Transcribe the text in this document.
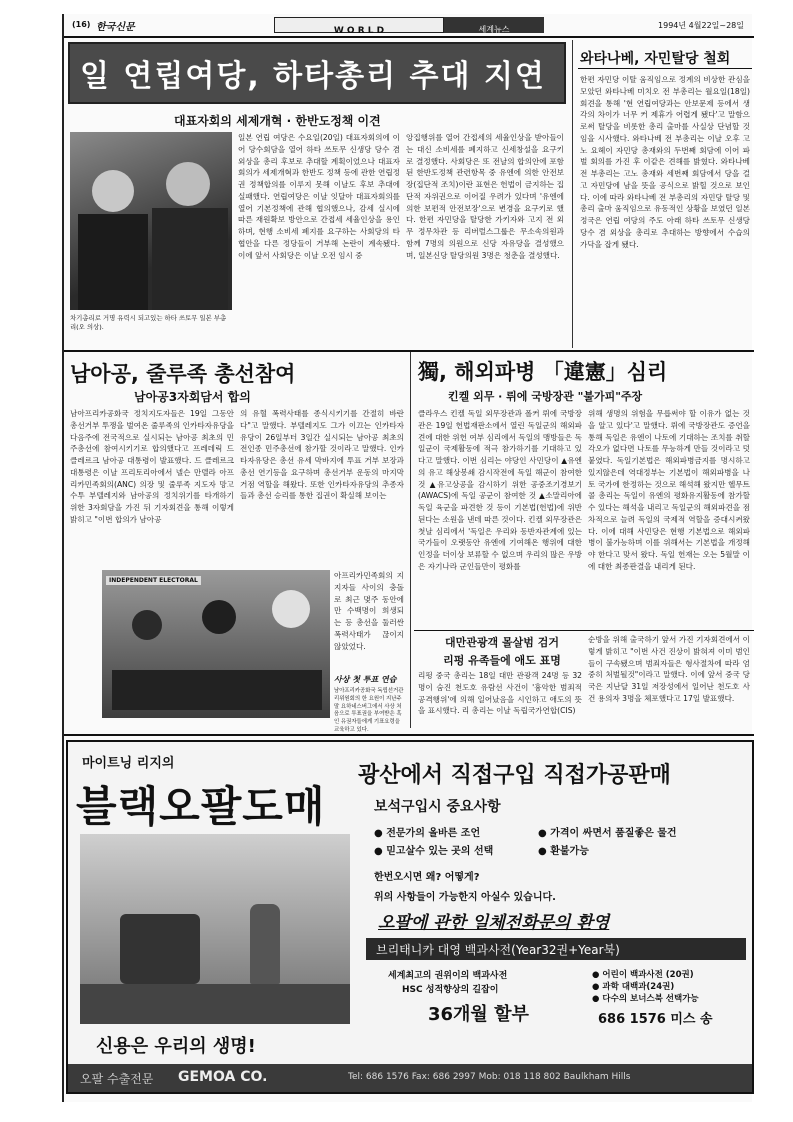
(16) 한국신문	W O R L D	세계뉴스	1994년 4월22일~28일
일 연립여당, 하타총리 추대 지연
대표자회의 세제개혁 · 한반도정책 이견
차기총리로 거명 유력시 되고있는 하타 쓰토무 일본 부총리(오 의상).
일본 연립 여당은 수요일(20일) 대표자회의에 이어 당수회담을 열어 하타 쓰토무 신생당 당수 겸 외상을 총리 후보로 추대할 계획이었으나 대표자 회의가 세제개혁과 한반도 정책 등에 관한 연립정권 정책합의를 이루지 못해 이날도 후보 추대에 실패했다. 연립여당은 이날 잇달아 대표자회의를 열어 기본정책에 관해 협의했으나, 감세 실시에 따른 재원확보 방안으로 간접세 세율인상을 용인하며, 현행 소비세 폐지를 요구하는 사회당의 타협안을 다른 정당들이 거부해 논란이 계속됐다. 이에 앞서 사회당은 이날 오전 임시 중
앙집행위를 열어 간접세의 세율인상을 받아들이는 대신 소비세를 폐지하고 신세창설을 요구키로 결정했다. 사회당은 또 전날의 합의안에 포함된 한반도정책 관련항목 중 유엔에 의한 안전보장(집단적 조치)이란 표현은 헌법이 금지하는 집단적 자위권으로 이어질 우려가 있다며 '유엔에 의한 보편적 안전보장'으로 변경을 요구키로 했다. 한편 자민당을 탈당한 가키자와 고지 전 외무 정무차관 등 리버럴스그룹은 무소속의원과 함께 7명의 의원으로 신당 자유당을 결성했으며, 일본신당 탈당의원 3명은 청춘을 결성했다.
와타나베, 자민탈당 철회
한편 자민당 이탈 움직임으로 정계의 비상한 관심을 모았던 와타나베 미치오 전 부총리는 월요일(18일) 회견을 통해 '현 연립여당과는 안보문제 등에서 생각의 차이가 너무 커 제휴가 어렵게 됐다'고 말함으로써 탈당을 비롯한 총리 출마를 사실상 단념할 것임을 시사했다. 와타나베 전 부총리는 이날 오후 고노 요헤이 자민당 총재와의 두번째 회담에 이어 파벌 회의를 가진 후 이같은 견해를 밝혔다. 와타나베 전 부총리는 고노 총재와 세번째 회담에서 당을 걸고 자민당에 남을 뜻을 공식으로 밝힐 것으로 보인다. 이에 따라 와타나베 전 부총리의 자민당 탈당 및 총리 출마 움직임으로 유동적인 상황을 보였던 일본 정국은 연립 여당의 주도 아래 하타 쓰토무 신생당당수 겸 외상을 총리로 추대하는 방향에서 수습의 가닥을 잡게 됐다.
남아공, 줄루족 총선참여
남아공3자회담서 합의
남아프리카공화국 정치지도자들은 19일 그동안 총선거부 투쟁을 벌여온 줄루족의 인카타자유당을 다음주에 전국적으로 실시되는 남아공 최초의 민주총선에 참여시키기로 합의했다고 프레데릭 드 클레르크 남아공 대통령이 발표했다. 드 클레르크 대통령은 이날 프리토리아에서 넬슨 만델라 아프리카민족회의(ANC) 의장 및 줄루족 지도자 망고수투 부텔레지와 남아공의 정치위기를 타개하기 위한 3자회담을 가진 뒤 기자회견을 통해 이렇게 밝히고 "이번 합의가 남아공
의 유혈 폭력사태를 종식시키기를 간절히 바란다"고 말했다. 부텔레지도 그가 이끄는 인카타자유당이 26일부터 3일간 실시되는 남아공 최초의 전인종 민주총선에 참가할 것이라고 말했다. 인카타자유당은 총선 유세 막바지에 투표 거부 보장과 총선 연기등을 요구하며 총선거부 운동의 마지막 거점 역할을 해왔다. 또한 인카타자유당의 추종자들과 총선 승리를 통한 집권이 확실해 보이는
INDEPENDENT ELECTORAL
아프리카민족회의 지지자들 사이의 충돌로 최근 몇주 동안에만 수백명이 희생되는 등 총선을 둘러싼 폭력사태가 끊이지 않았었다.
사상 첫 투표 연습
남아프리카공화국 독립선거관리위원회의 한 요원이 지난주말 요하네스버그에서 사상 처음으로 투표권을 부여받은 흑인 유권자들에게 기표요령을 교육하고 있다.
獨, 해외파병 「違憲」심리
킨켈 외무 · 뤼에 국방장관 "불가피"주장
클라우스 킨켈 독일 외무장관과 폴커 뤼에 국방장관은 19일 헌법재판소에서 열린 독일군의 해외파견에 대한 위헌 여부 심리에서 독일의 맹방들은 독일군이 국제활동에 적극 참가하기를 기대하고 있다고 말했다. 이번 심리는 야당인 사민당이 ▲유엔의 유고 해상봉쇄 감시작전에 독일 해군이 참여한 것 ▲유고상공을 감시하기 위한 공중조기경보기(AWACS)에 독일 공군이 참여한 것 ▲소말리아에 독일 육군을 파견한 것 등이 기본법(헌법)에 위반된다는 소원을 낸데 따른 것이다. 킨켈 외무장관은 첫날 심리에서 '독일은 우리와 동반자관계에 있는 국가들이 오랫동안 유엔에 기여해온 행위에 대한 인정을 더이상 보류할 수 없으며 우리의 많은 우방은 자기나라 군인들만이 평화를
위해 생명의 위험을 무릅써야 할 이유가 없는 것을 알고 있다'고 말했다. 뤼에 국방장관도 증언을 통해 독일은 유엔이 나토에 기대하는 조치를 취할 각오가 없다면 나토를 무능하게 만들 것이라고 덧붙였다. 독일기본법은 해외파병금지를 명시하고 있지않은데 역대정부는 기본법이 해외파병을 나토 국가에 한정하는 것으로 해석해 왔지만 헬무트 콜 총리는 독일이 유엔의 평화유지활동에 참가할 수 있다는 해석을 내리고 독일군의 해외파견을 점차적으로 늘려 독일의 국제적 역할을 증대시켜왔다. 이에 대해 사민당은 현행 기본법으로 해외파병이 불가능하며 이를 위해서는 기본법을 개정해야 한다고 맞서 왔다. 독일 헌재는 오는 5월말 이에 대한 최종판결을 내리게 된다.
대만관광객 몰살범 검거
리펑 유족들에 애도 표명
리펑 중국 총리는 18일 대만 관광객 24명 등 32명이 숨진 천도호 유람선 사건이 '흉악한 범죄적 공격행위'에 의해 일어났음을 시인하고 애도의 뜻을 표시했다. 리 총리는 이날 독립국가연합(CIS)
순방을 위해 출국하기 앞서 가진 기자회견에서 이렇게 밝히고 "이번 사건 진상이 밝혀져 이미 범인들이 구속됐으며 범죄자들은 형사절차에 따라 엄중히 처벌될것"이라고 말했다. 이에 앞서 중국 당국은 지난달 31일 저장성에서 일어난 천도호 사건 용의자 3명을 체포했다고 17일 발표했다.
마이트닝 리지의
블랙오팔도매
광산에서 직접구입 직접가공판매
보석구입시 중요사항
● 전문가의 올바른 조언	● 가격이 싸면서 품질좋은 물건
● 믿고살수 있는 곳의 선택	● 환불가능
한번오시면 왜? 어떻게?
위의 사항들이 가능한지 아실수 있습니다.
오팔에 관한 일체전화문의 환영
브리태니카 대영 백과사전(Year32권+Year북)
세계최고의 권위이의 백과사전
HSC 성적향상의 길잡이
● 어린이 백과사전 (20권)
● 과학 대백과(24권)
● 다수의 보너스북 선택가능
36개월 할부	686 1576 미스 송
신용은 우리의 생명!
오팔 수출전문 GEMOA CO.	Tel: 686 1576 Fax: 686 2997 Mob: 018 118 802 Baulkham Hills
